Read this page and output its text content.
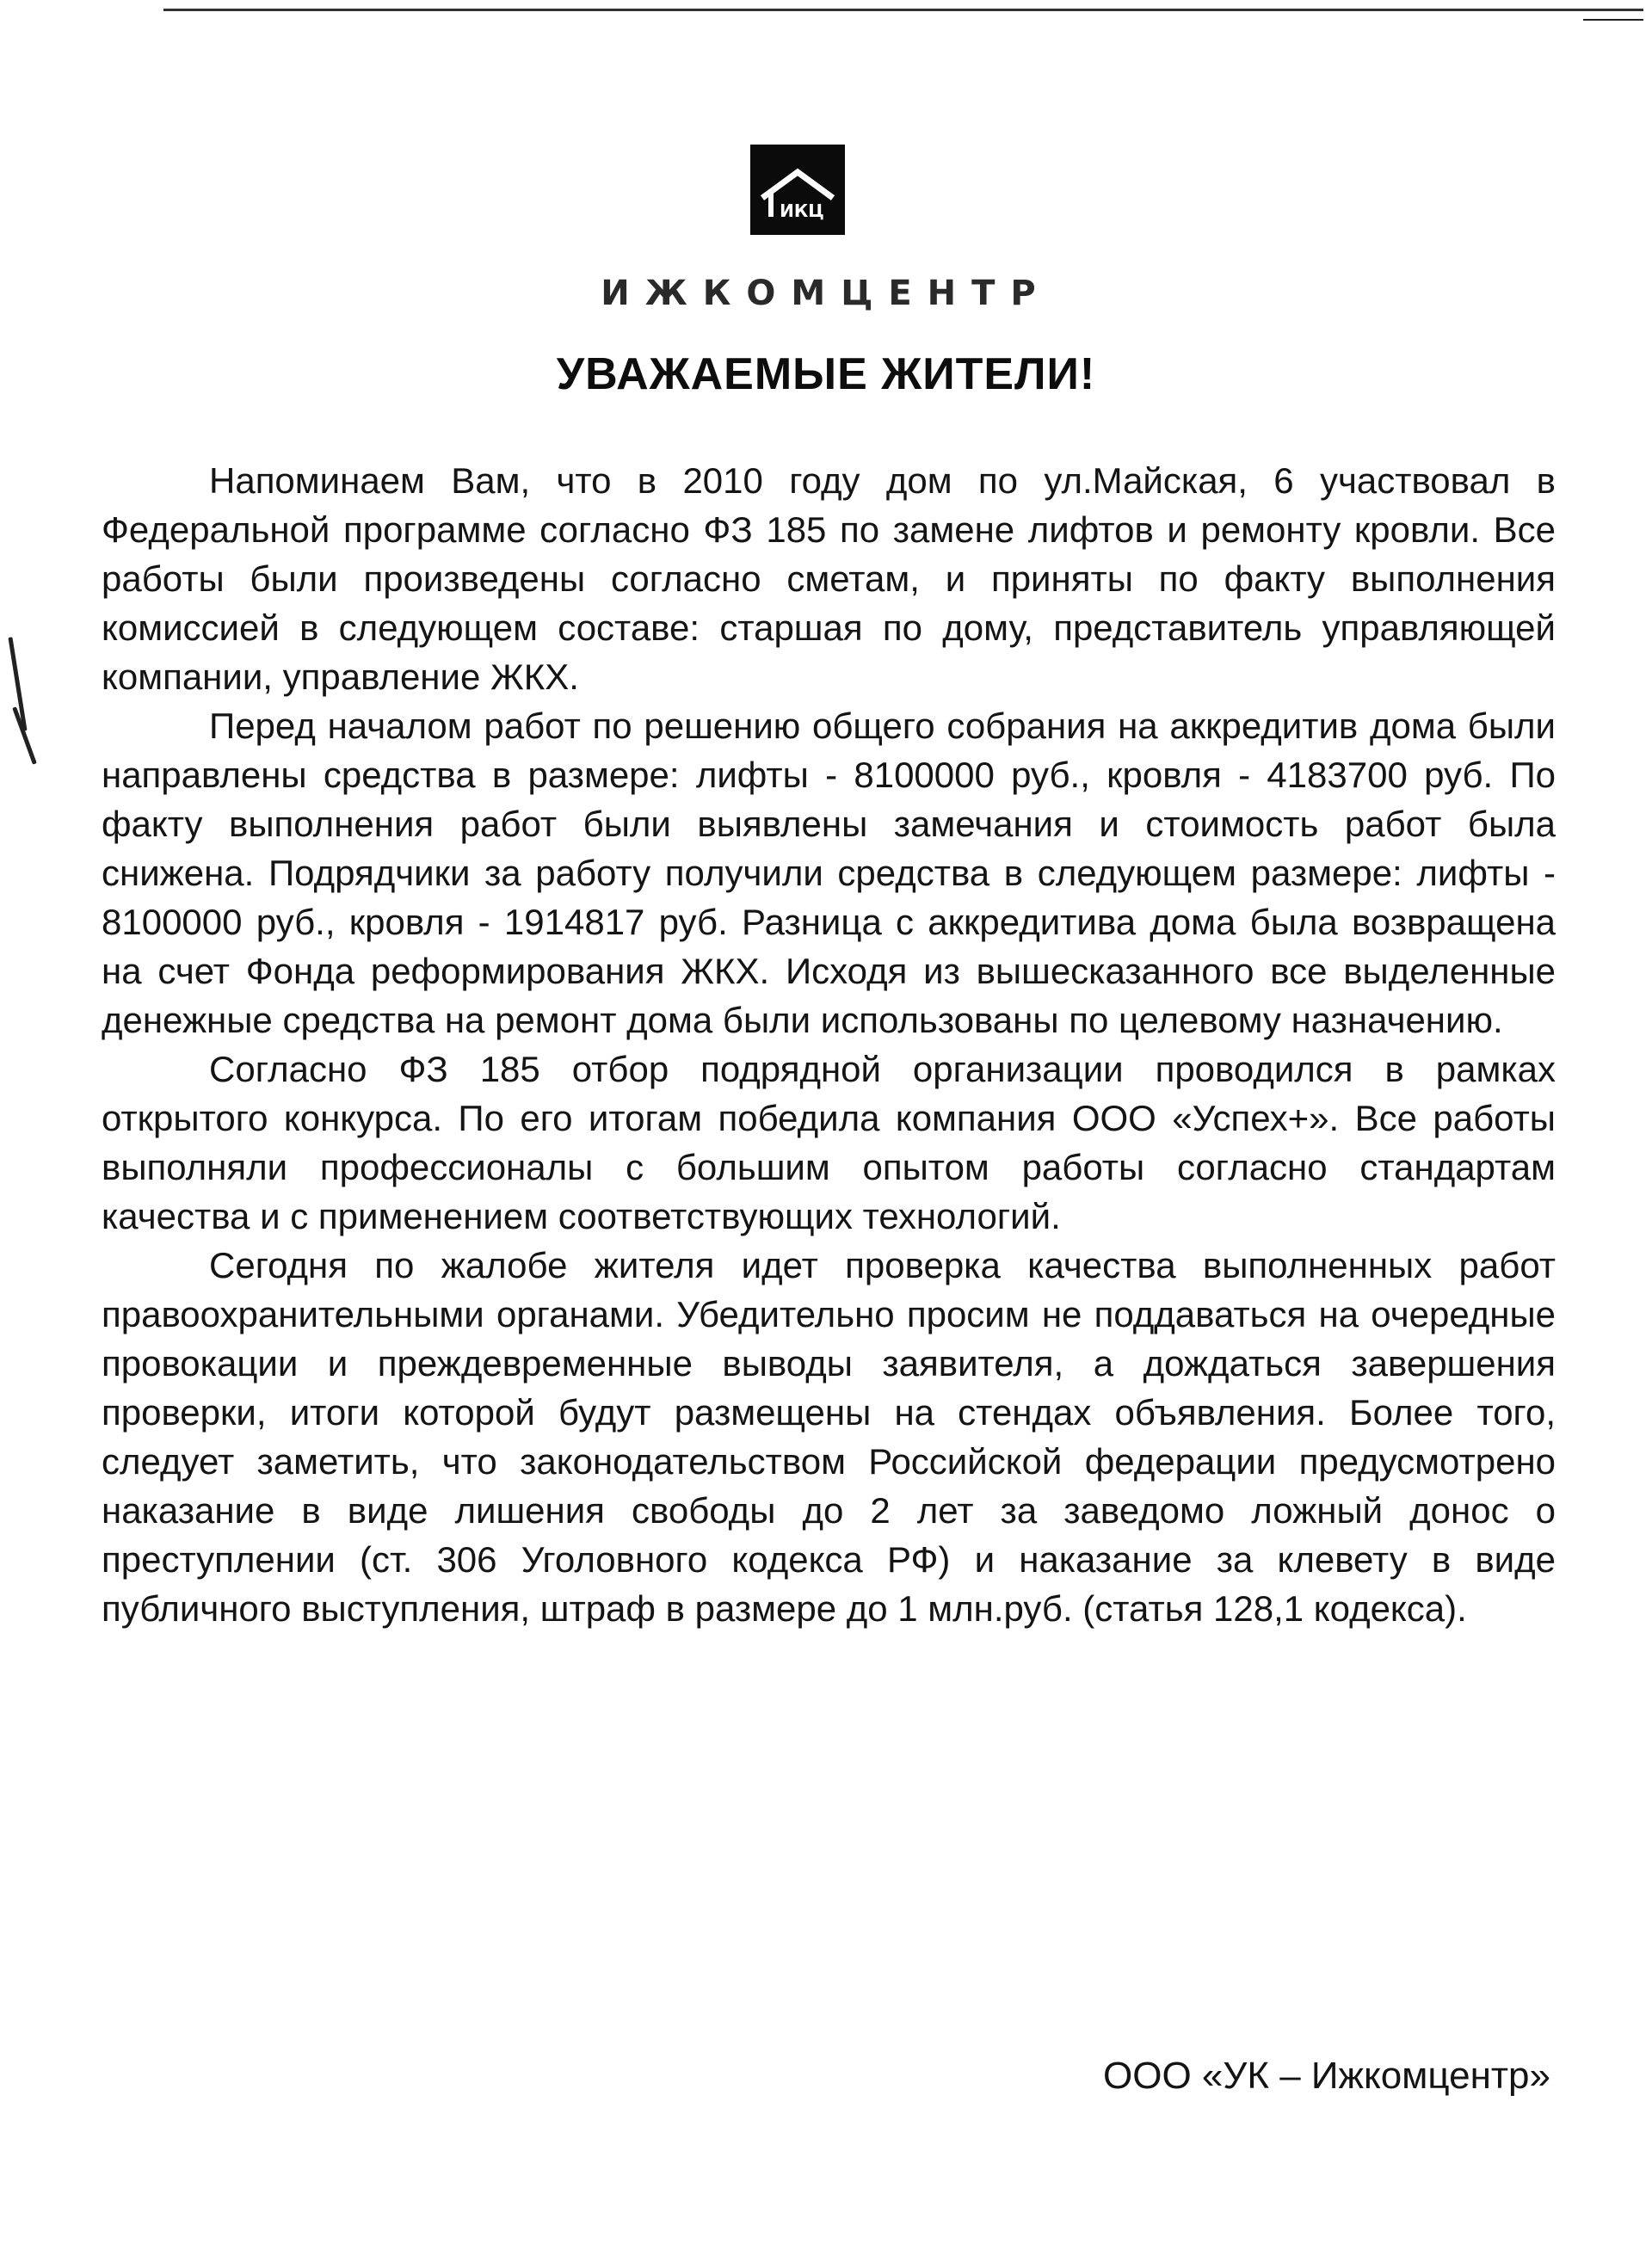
ИКЦ
ИЖКОМЦЕНТР
УВАЖАЕМЫЕ ЖИТЕЛИ!

Напоминаем Вам, что в 2010 году дом по ул.Майская, 6 участвовал в Федеральной программе согласно ФЗ 185 по замене лифтов и ремонту кровли. Все работы были произведены согласно сметам, и приняты по факту выполнения комиссией в следующем составе: старшая по дому, представитель управляющей компании, управление ЖКХ.

Перед началом работ по решению общего собрания на аккредитив дома были направлены средства в размере: лифты - 8100000 руб., кровля - 4183700 руб. По факту выполнения работ были выявлены замечания и стоимость работ была снижена. Подрядчики за работу получили средства в следующем размере: лифты - 8100000 руб., кровля - 1914817 руб. Разница с аккредитива дома была возвращена на счет Фонда реформирования ЖКХ. Исходя из вышесказанного все выделенные денежные средства на ремонт дома были использованы по целевому назначению.

Согласно ФЗ 185 отбор подрядной организации проводился в рамках открытого конкурса. По его итогам победила компания ООО «Успех+». Все работы выполняли профессионалы с большим опытом работы согласно стандартам качества и с применением соответствующих технологий.

Сегодня по жалобе жителя идет проверка качества выполненных работ правоохранительными органами. Убедительно просим не поддаваться на очередные провокации и преждевременные выводы заявителя, а дождаться завершения проверки, итоги которой будут размещены на стендах объявления. Более того, следует заметить, что законодательством Российской федерации предусмотрено наказание в виде лишения свободы до 2 лет за заведомо ложный донос о преступлении (ст. 306 Уголовного кодекса РФ) и наказание за клевету в виде публичного выступления, штраф в размере до 1 млн.руб. (статья 128,1 кодекса).

ООО «УК – Ижкомцентр»
